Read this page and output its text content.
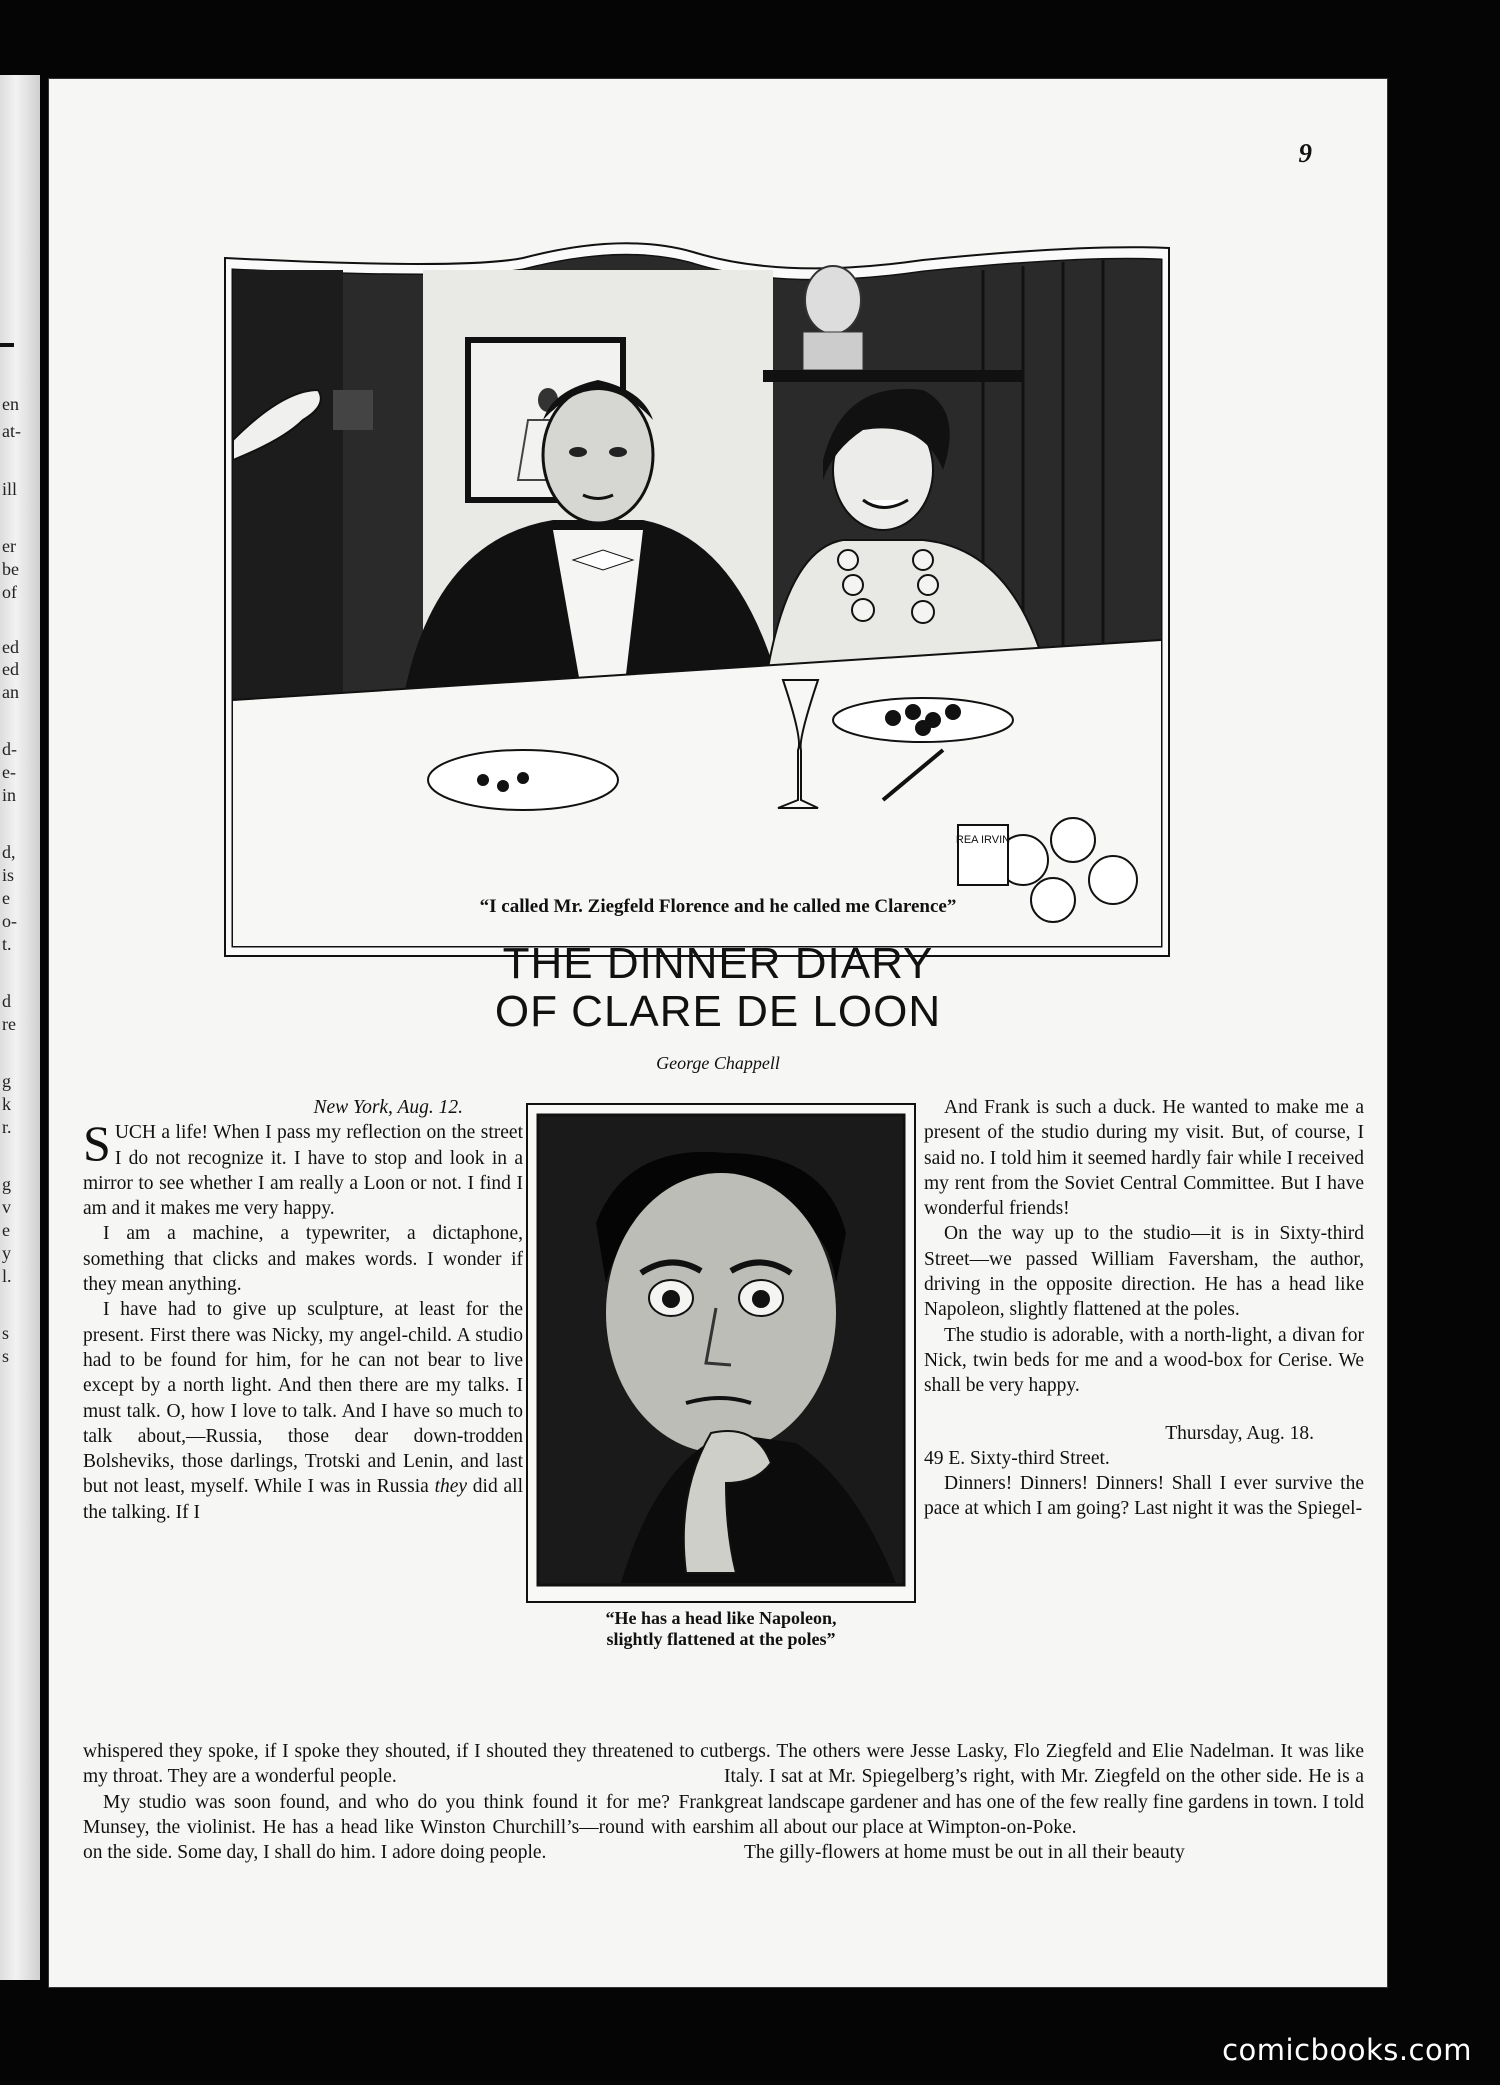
en
at-
ill
er
be
of
ed
ed
an
d-
e-
in
d,
is
e
o-
t.
d
re
g
k
r.
g
v
e
y
l.
s
s
9
REA IRVIN
“I called Mr. Ziegfeld Florence and he called me Clarence”
THE DINNER DIARY
OF CLARE DE LOON
George Chappell

New York, Aug. 12.

SUCH a life! When I pass my reflection on the street I do not recognize it. I have to stop and look in a mirror to see whether I am really a Loon or not. I find I am and it makes me very happy.

I am a machine, a typewriter, a dictaphone, something that clicks and makes words. I wonder if they mean anything.

I have had to give up sculpture, at least for the present. First there was Nicky, my angel-child. A studio had to be found for him, for he can not bear to live except by a north light. And then there are my talks. I must talk. O, how I love to talk. And I have so much to talk about,—Russia, those dear down-trodden Bolsheviks, those darlings, Trotski and Lenin, and last but not least, myself. While I was in Russia they did all the talking. If I

“He has a head like Napoleon,
slightly flattened at the poles”

And Frank is such a duck. He wanted to make me a present of the studio during my visit. But, of course, I said no. I told him it seemed hardly fair while I received my rent from the Soviet Central Committee. But I have wonderful friends!

On the way up to the studio—it is in Sixty-third Street—we passed William Faversham, the author, driving in the opposite direction. He has a head like Napoleon, slightly flattened at the poles.

The studio is adorable, with a north-light, a divan for Nick, twin beds for me and a wood-box for Cerise. We shall be very happy.

Thursday, Aug. 18.

49 E. Sixty-third Street.

Dinners! Dinners! Dinners! Shall I ever survive the pace at which I am going? Last night it was the Spiegel-

whispered they spoke, if I spoke they shouted, if I shouted they threatened to cut my throat. They are a wonderful people.

My studio was soon found, and who do you think found it for me? Frank Munsey, the violinist. He has a head like Winston Churchill’s—round with ears on the side. Some day, I shall do him. I adore doing people.

bergs. The others were Jesse Lasky, Flo Ziegfeld and Elie Nadelman. It was like Italy. I sat at Mr. Spiegelberg’s right, with Mr. Ziegfeld on the other side. He is a great landscape gardener and has one of the few really fine gardens in town. I told him all about our place at Wimpton-on-Poke.

The gilly-flowers at home must be out in all their beauty

comicbooks.com
